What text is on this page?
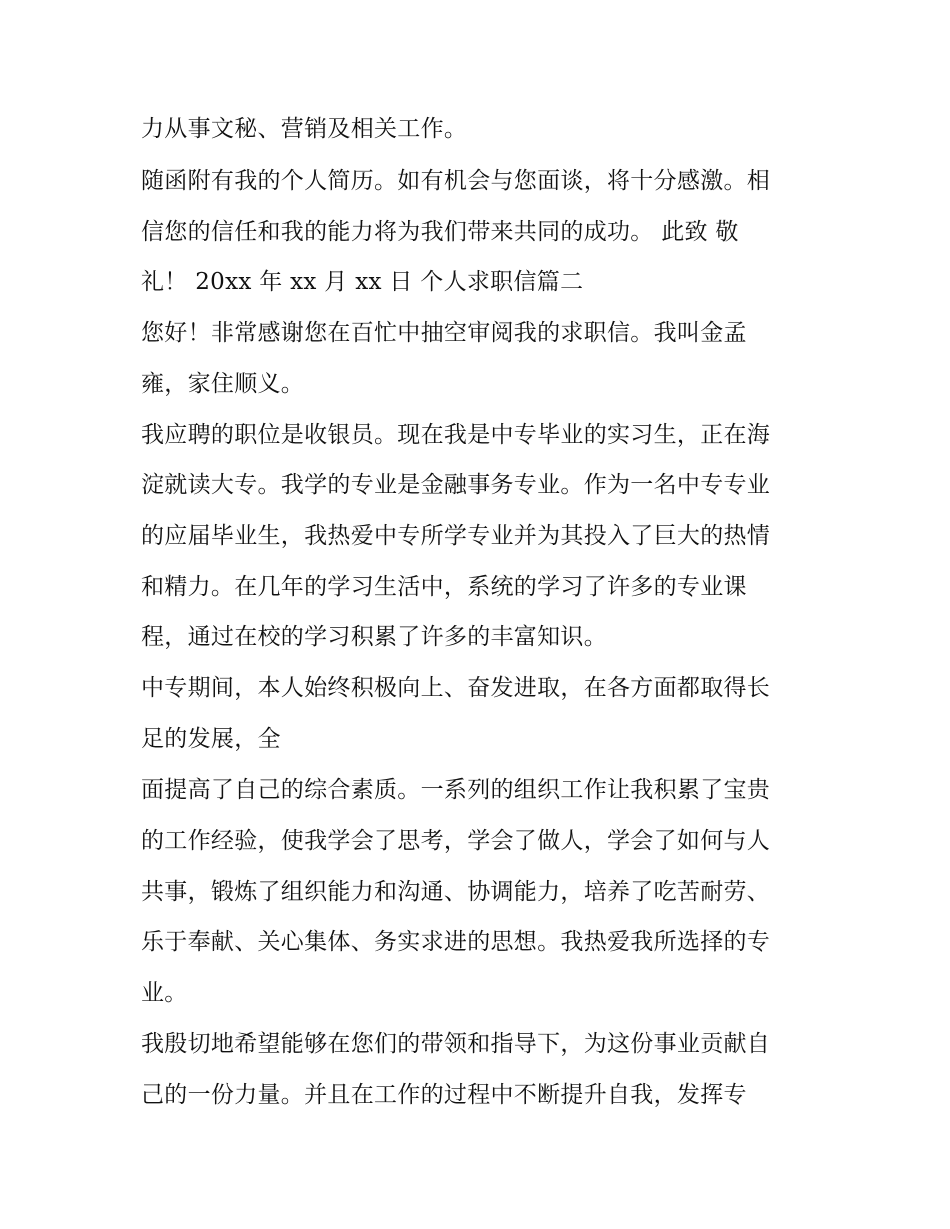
力从事文秘、营销及相关工作。
随函附有我的个人简历。如有机会与您面谈，将十分感激。相
信您的信任和我的能力将为我们带来共同的成功。 此致 敬
礼！ 20xx 年 xx 月 xx 日 个人求职信篇二
您好！非常感谢您在百忙中抽空审阅我的求职信。我叫金孟
雍，家住顺义。
我应聘的职位是收银员。现在我是中专毕业的实习生，正在海
淀就读大专。我学的专业是金融事务专业。作为一名中专专业
的应届毕业生，我热爱中专所学专业并为其投入了巨大的热情
和精力。在几年的学习生活中，系统的学习了许多的专业课
程，通过在校的学习积累了许多的丰富知识。
中专期间，本人始终积极向上、奋发进取，在各方面都取得长
足的发展，全
面提高了自己的综合素质。一系列的组织工作让我积累了宝贵
的工作经验，使我学会了思考，学会了做人，学会了如何与人
共事，锻炼了组织能力和沟通、协调能力，培养了吃苦耐劳、
乐于奉献、关心集体、务实求进的思想。我热爱我所选择的专
业。
我殷切地希望能够在您们的带领和指导下，为这份事业贡献自
己的一份力量。并且在工作的过程中不断提升自我，发挥专
